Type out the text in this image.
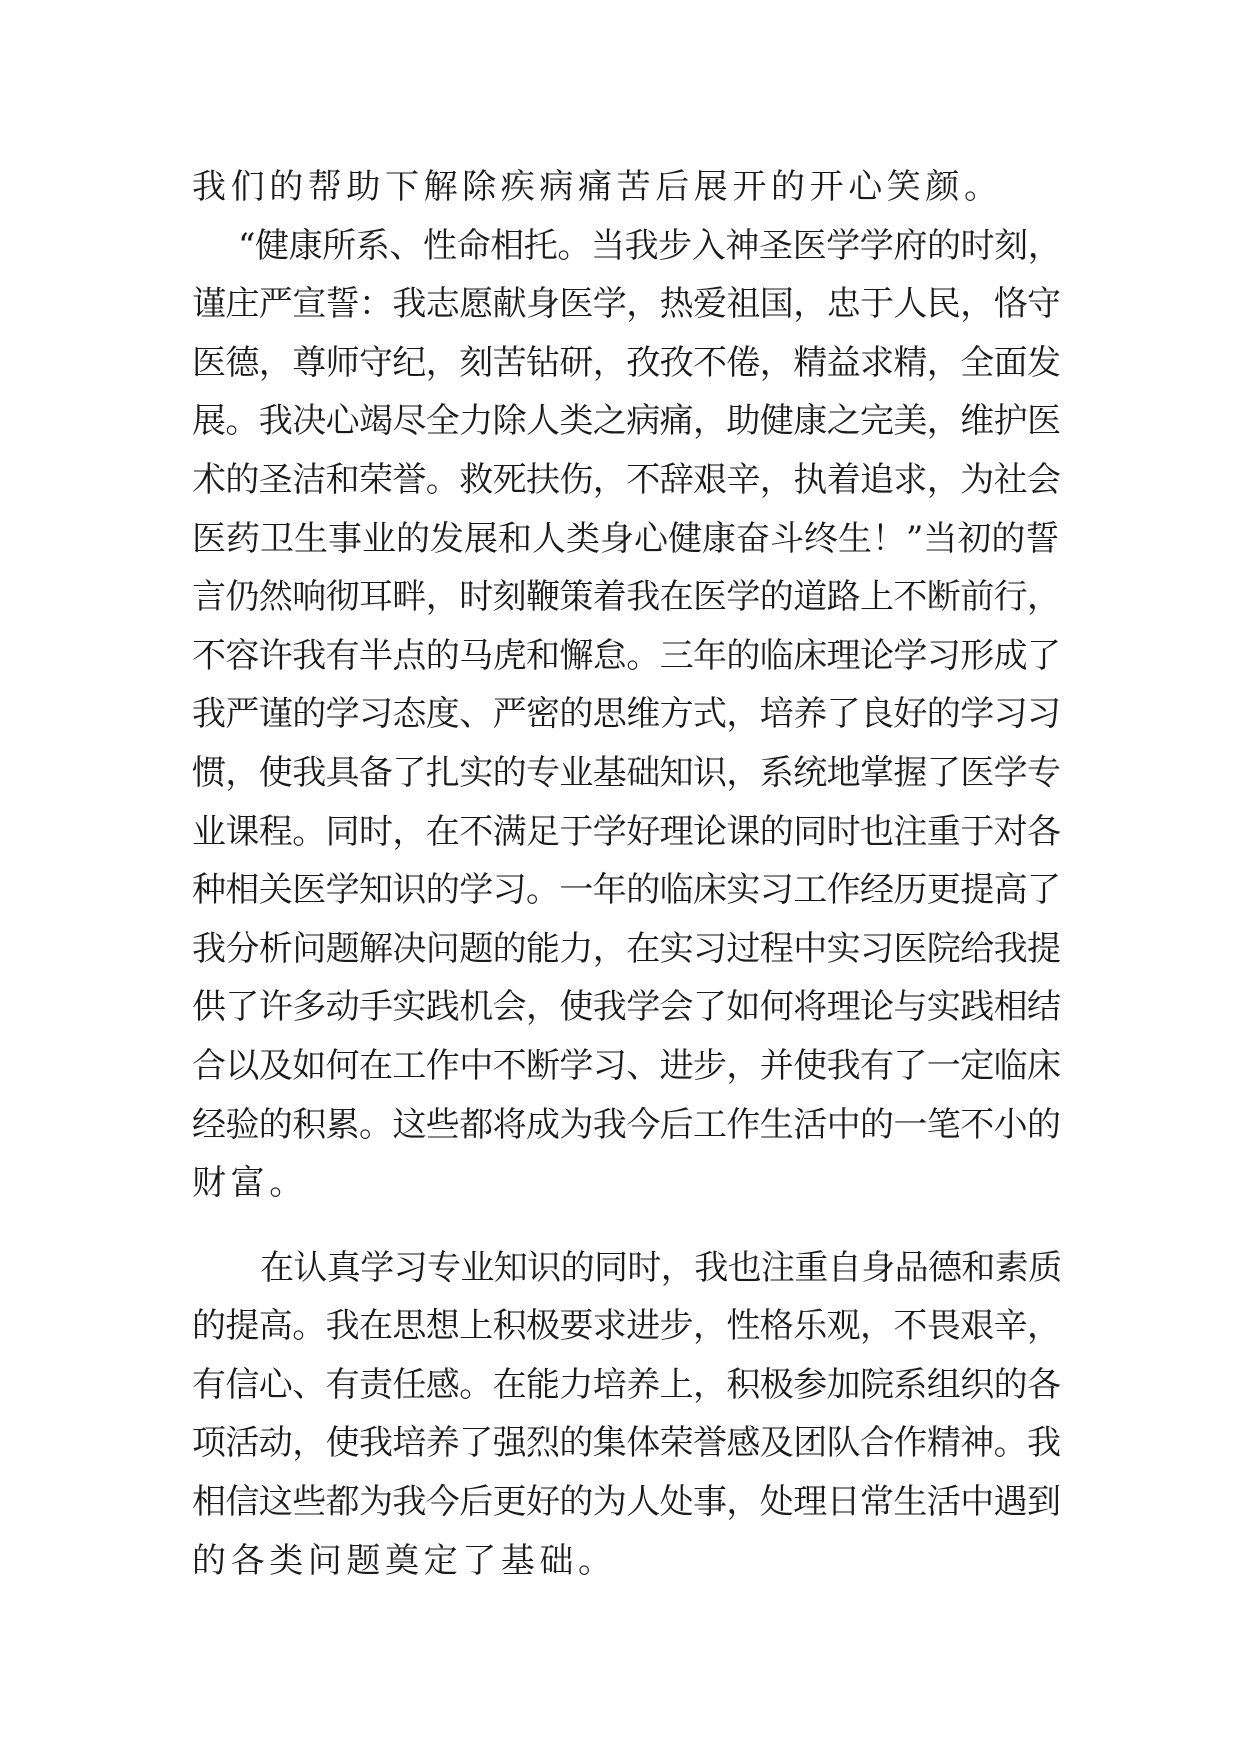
我们的帮助下解除疾病痛苦后展开的开心笑颜。
“健康所系、性命相托。当我步入神圣医学学府的时刻，
谨庄严宣誓：我志愿献身医学，热爱祖国，忠于人民，恪守
医德，尊师守纪，刻苦钻研，孜孜不倦，精益求精，全面发
展。我决心竭尽全力除人类之病痛，助健康之完美，维护医
术的圣洁和荣誉。救死扶伤，不辞艰辛，执着追求，为社会
医药卫生事业的发展和人类身心健康奋斗终生！”当初的誓
言仍然响彻耳畔，时刻鞭策着我在医学的道路上不断前行，
不容许我有半点的马虎和懈怠。三年的临床理论学习形成了
我严谨的学习态度、严密的思维方式，培养了良好的学习习
惯，使我具备了扎实的专业基础知识，系统地掌握了医学专
业课程。同时，在不满足于学好理论课的同时也注重于对各
种相关医学知识的学习。一年的临床实习工作经历更提高了
我分析问题解决问题的能力，在实习过程中实习医院给我提
供了许多动手实践机会，使我学会了如何将理论与实践相结
合以及如何在工作中不断学习、进步，并使我有了一定临床
经验的积累。这些都将成为我今后工作生活中的一笔不小的
财富。
在认真学习专业知识的同时，我也注重自身品德和素质
的提高。我在思想上积极要求进步，性格乐观，不畏艰辛，
有信心、有责任感。在能力培养上，积极参加院系组织的各
项活动，使我培养了强烈的集体荣誉感及团队合作精神。我
相信这些都为我今后更好的为人处事，处理日常生活中遇到
的各类问题奠定了基础。
